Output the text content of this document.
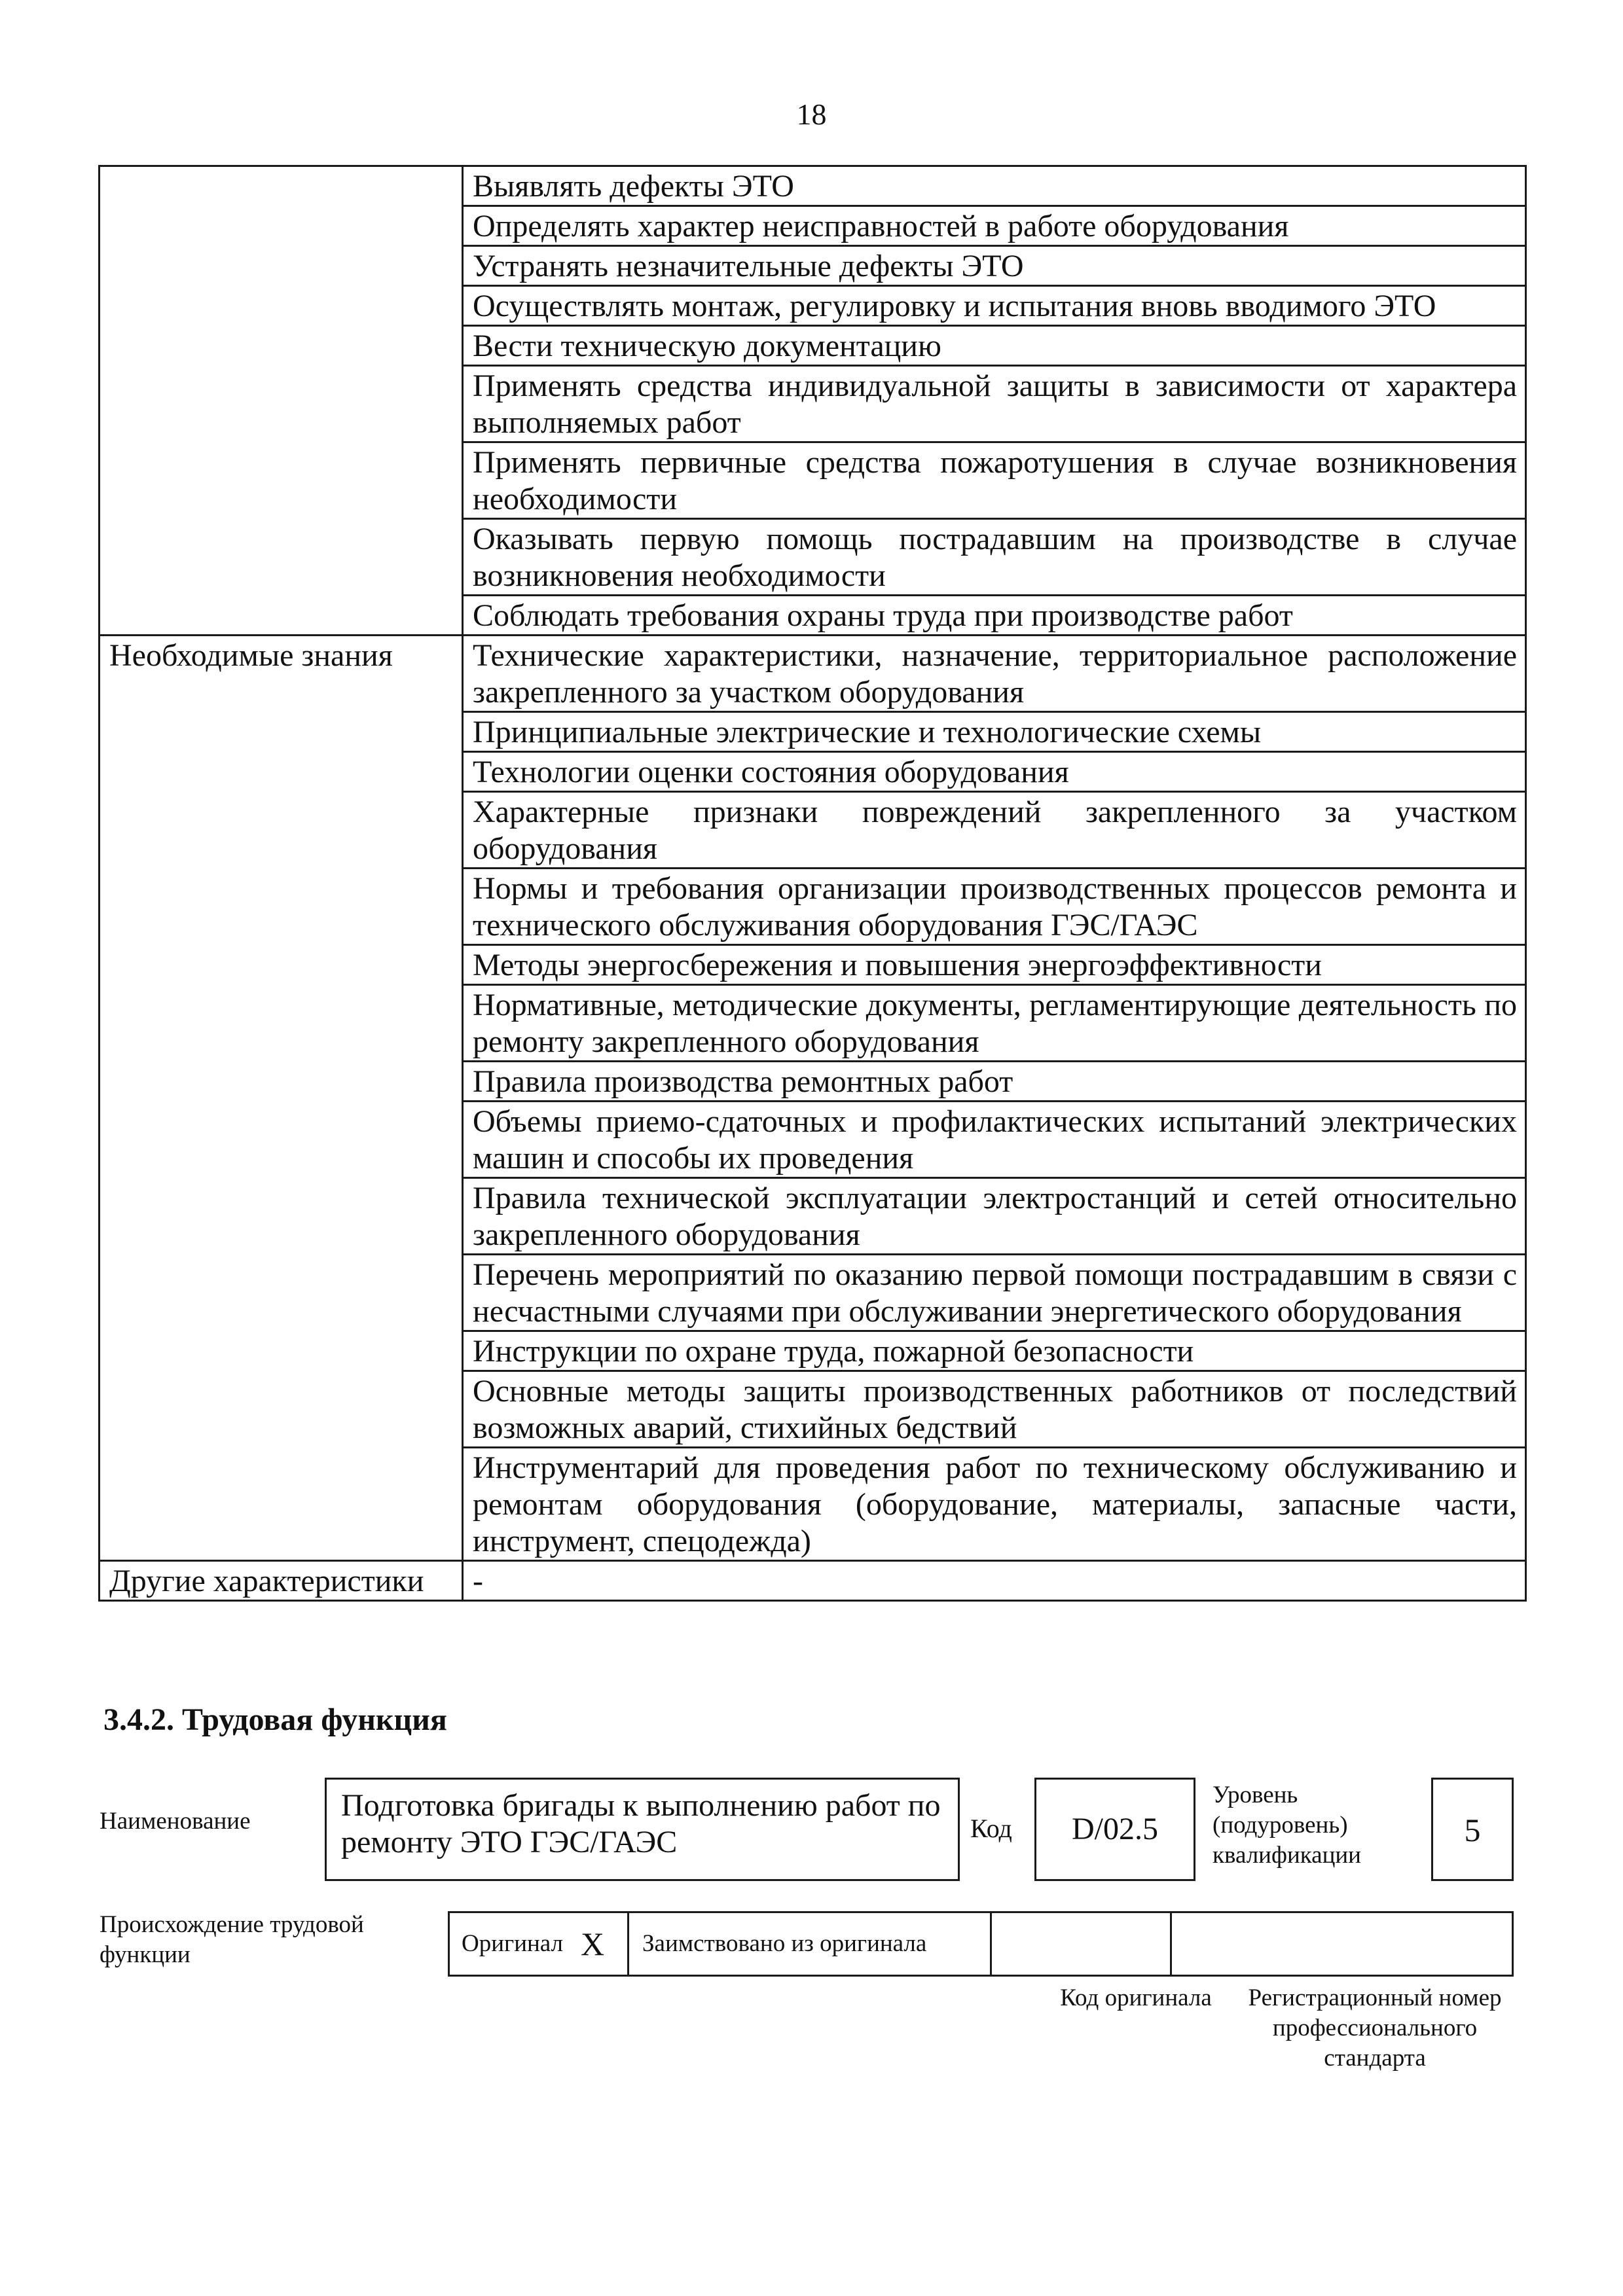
18
	Выявлять дефекты ЭТО
	Определять характер неисправностей в работе оборудования
	Устранять незначительные дефекты ЭТО
	Осуществлять монтаж, регулировку и испытания вновь вводимого ЭТО
	Вести техническую документацию
	Применять средства индивидуальной защиты в зависимости от характера выполняемых работ
	Применять первичные средства пожаротушения в случае возникновения необходимости
	Оказывать первую помощь пострадавшим на производстве в случае возникновения необходимости
	Соблюдать требования охраны труда при производстве работ
Необходимые знания	Технические характеристики, назначение, территориальное расположение закрепленного за участком оборудования
	Принципиальные электрические и технологические схемы
	Технологии оценки состояния оборудования
	Характерные признаки повреждений закрепленного за участком оборудования
	Нормы и требования организации производственных процессов ремонта и технического обслуживания оборудования ГЭС/ГАЭС
	Методы энергосбережения и повышения энергоэффективности
	Нормативные, методические документы, регламентирующие деятельность по ремонту закрепленного оборудования
	Правила производства ремонтных работ
	Объемы приемо-сдаточных и профилактических испытаний электрических машин и способы их проведения
	Правила технической эксплуатации электростанций и сетей относительно закрепленного оборудования
	Перечень мероприятий по оказанию первой помощи пострадавшим в связи с несчастными случаями при обслуживании энергетического оборудования
	Инструкции по охране труда, пожарной безопасности
	Основные методы защиты производственных работников от последствий возможных аварий, стихийных бедствий
	Инструментарий для проведения работ по техническому обслуживанию и ремонтам оборудования (оборудование, материалы, запасные части, инструмент, спецодежда)
Другие характеристики	-
3.4.2. Трудовая функция
Наименование	Подготовка бригады к выполнению работ по ремонту ЭТО ГЭС/ГАЭС	Код	D/02.5
Уровень (подуровень) квалификации
5
Происхождение трудовой функции	Оригинал	X	Заимствовано из оригинала		
Код оригинала	Регистрационный номер профессионального стандарта
